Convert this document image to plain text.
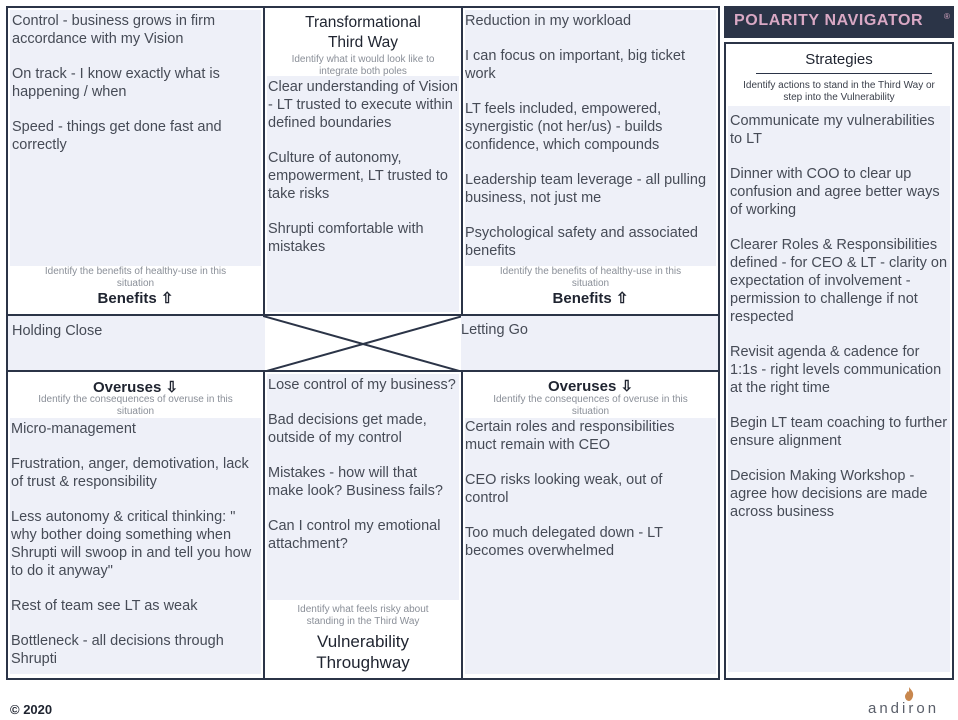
Control - business grows in firm accordance with my Vision
On track - I know exactly what is happening / when
Speed - things get done fast and correctly
Identify the benefits of healthy-use in this situation
Benefits ⇧
Transformational Third Way
Identify what it would look like to integrate both poles
Clear understanding of Vision - LT trusted to execute within defined boundaries
Culture of autonomy, empowerment, LT trusted to take risks
Shrupti comfortable with mistakes
Reduction in my workload
I can focus on important, big ticket work
LT feels included, empowered, synergistic (not her/us) - builds confidence, which compounds
Leadership team leverage - all pulling business, not just me
Psychological safety and associated benefits
Identify the benefits of healthy-use in this situation
Benefits ⇧
Holding Close	Letting Go
Overuses ⇩
Identify the consequences of overuse in this situation
Micro-management
Frustration, anger, demotivation, lack of trust & responsibility
Less autonomy & critical thinking: " why bother doing something when Shrupti will swoop in and tell you how to do it anyway"
Rest of team see LT as weak
Bottleneck - all decisions through Shrupti
Lose control of my business?
Bad decisions get made, outside of my control
Mistakes - how will that make look? Business fails?
Can I control my emotional attachment?
Identify what feels risky about standing in the Third Way
Vulnerability Throughway
Overuses ⇩
Identify the consequences of overuse in this situation
Certain roles and responsibilities muct remain with CEO
CEO risks looking weak, out of control
Too much delegated down - LT becomes overwhelmed
POLARITY NAVIGATOR	®
Strategies
Identify actions to stand in the Third Way or step into the Vulnerability
Communicate my vulnerabilities to LT
Dinner with COO to clear up confusion and agree better ways of working
Clearer Roles & Responsibilities defined - for CEO & LT - clarity on expectation of involvement - permission to challenge if not respected
Revisit agenda & cadence for 1:1s - right levels communication at the right time
Begin LT team coaching to further ensure alignment
Decision Making Workshop - agree how decisions are made across business
© 2020	andiron
